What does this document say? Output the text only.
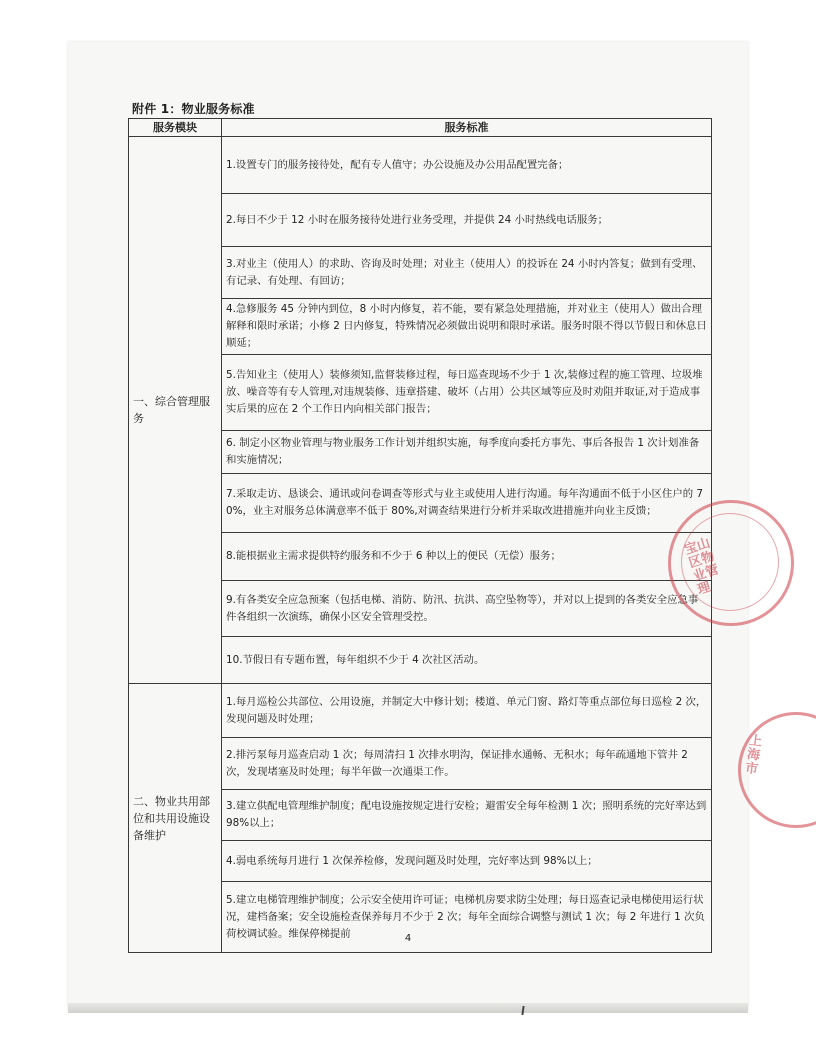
附件 1：物业服务标准
服务模块	服务标准

一、综合管理服务	1.设置专门的服务接待处，配有专人值守；办公设施及办公用品配置完备；
	2.每日不少于 12 小时在服务接待处进行业务受理，并提供 24 小时热线电话服务；
	3.对业主（使用人）的求助、咨询及时处理；对业主（使用人）的投诉在 24 小时内答复；做到有受理、有记录、有处理、有回访；
	4.急修服务 45 分钟内到位，8 小时内修复，若不能，要有紧急处理措施，并对业主（使用人）做出合理解释和限时承诺；小修 2 日内修复，特殊情况必须做出说明和限时承诺。服务时限不得以节假日和休息日顺延；
	5.告知业主（使用人）装修须知,监督装修过程，每日巡查现场不少于 1 次,装修过程的施工管理、垃圾堆放、噪音等有专人管理,对违规装修、违章搭建、破坏（占用）公共区域等应及时劝阻并取证,对于造成事实后果的应在 2 个工作日内向相关部门报告；
	6. 制定小区物业管理与物业服务工作计划并组织实施，每季度向委托方事先、事后各报告 1 次计划准备和实施情况；
	7.采取走访、恳谈会、通讯或问卷调查等形式与业主或使用人进行沟通。每年沟通面不低于小区住户的 70%，业主对服务总体满意率不低于 80%,对调查结果进行分析并采取改进措施并向业主反馈；
	8.能根据业主需求提供特约服务和不少于 6 种以上的便民（无偿）服务；
	9.有各类安全应急预案（包括电梯、消防、防汛、抗洪、高空坠物等），并对以上提到的各类安全应急事件各组织一次演练，确保小区安全管理受控。
	10.节假日有专题布置，每年组织不少于 4 次社区活动。

二、物业共用部位和共用设施设备维护	1.每月巡检公共部位、公用设施，并制定大中修计划；楼道、单元门窗、路灯等重点部位每日巡检 2 次，发现问题及时处理；
	2.排污泵每月巡查启动 1 次；每周清扫 1 次排水明沟，保证排水通畅、无积水；每年疏通地下管井 2 次，发现堵塞及时处理；每半年做一次通渠工作。
	3.建立供配电管理维护制度；配电设施按规定进行安检；避雷安全每年检测 1 次；照明系统的完好率达到 98%以上；
	4.弱电系统每月进行 1 次保养检修，发现问题及时处理，完好率达到 98%以上；
	5.建立电梯管理维护制度；公示安全使用许可证；电梯机房要求防尘处理；每日巡查记录电梯使用运行状况，建档备案；安全设施检查保养每月不少于 2 次；每年全面综合调整与测试 1 次；每 2 年进行 1 次负荷校调试验。维保停梯提前
宝山区物业管理
上海市
4
